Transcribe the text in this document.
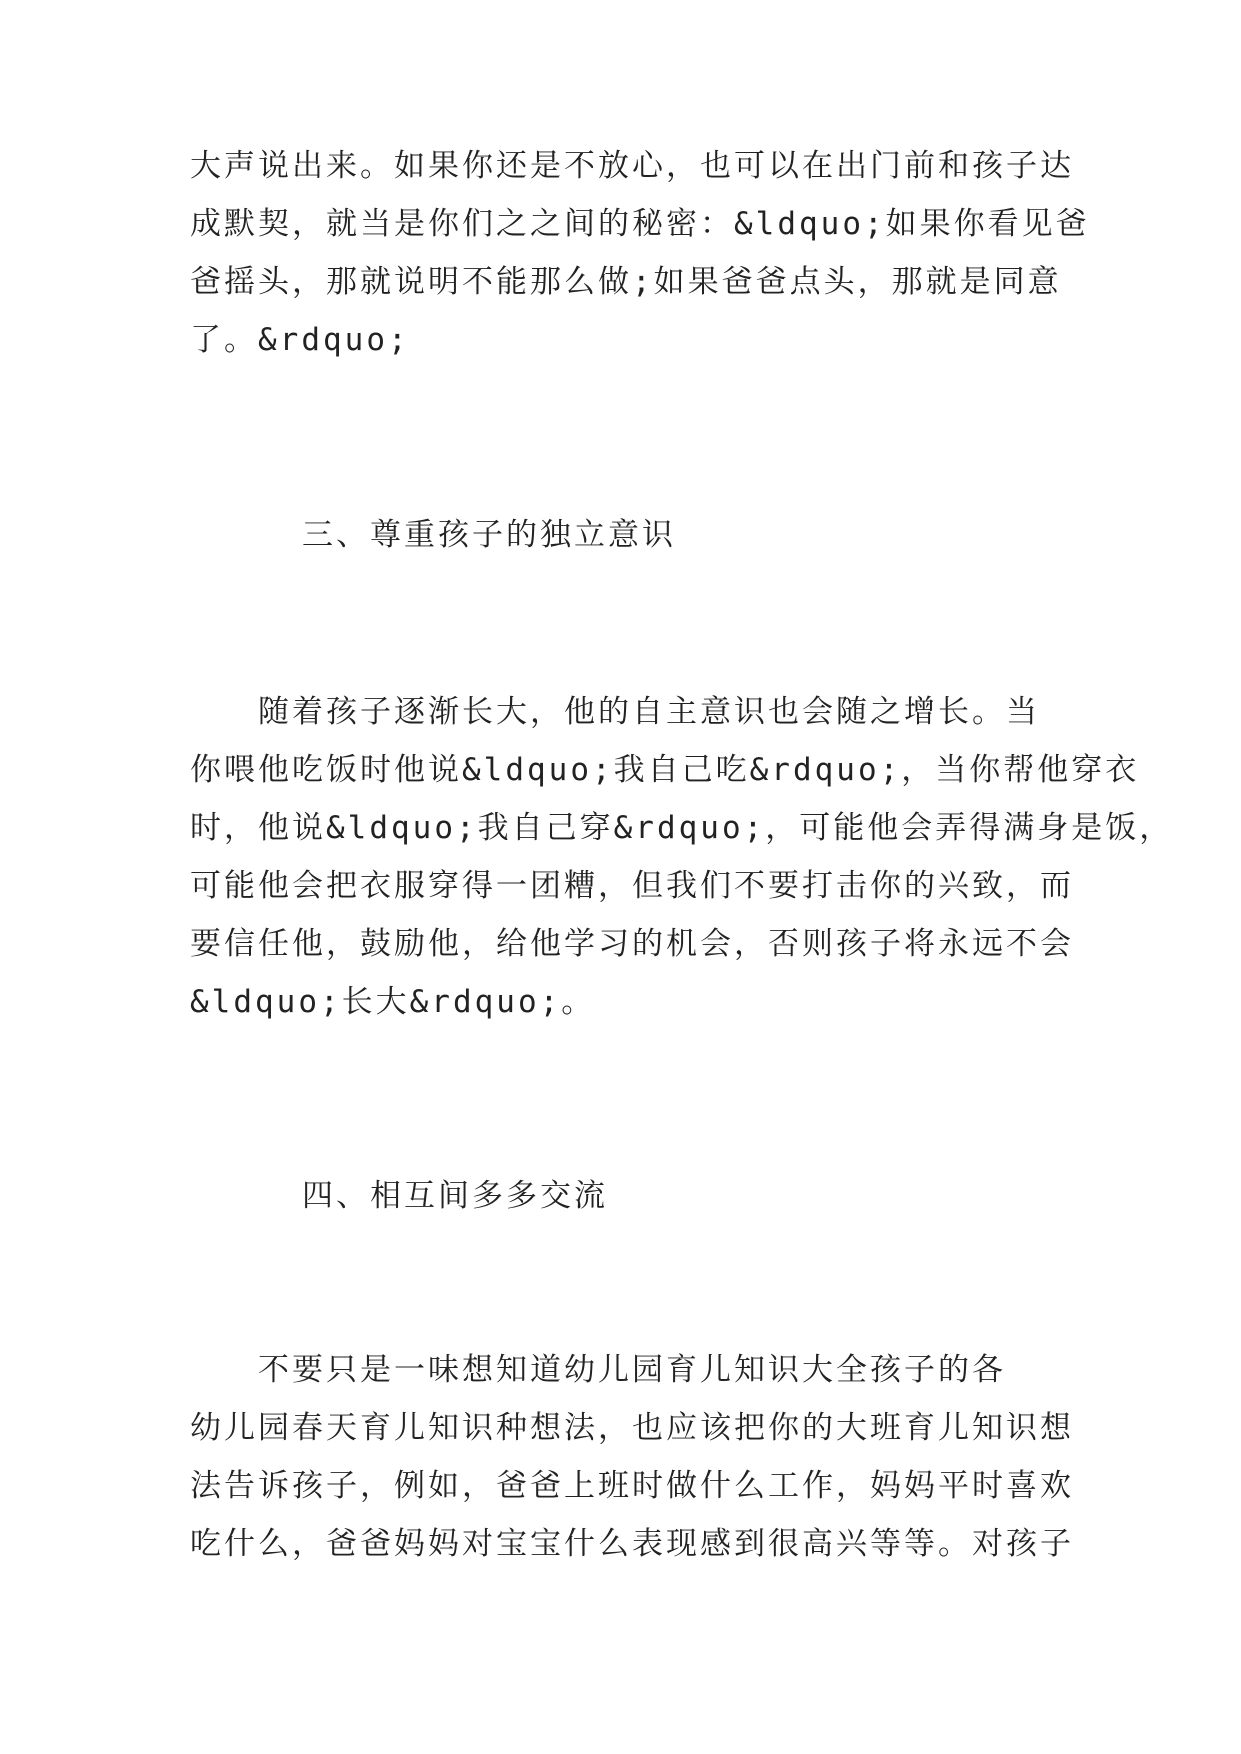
大声说出来。如果你还是不放心，也可以在出门前和孩子达
成默契，就当是你们之之间的秘密：&ldquo;如果你看见爸
爸摇头，那就说明不能那么做;如果爸爸点头，那就是同意
了。&rdquo;
三、尊重孩子的独立意识
　　随着孩子逐渐长大，他的自主意识也会随之增长。当
你喂他吃饭时他说&ldquo;我自己吃&rdquo;，当你帮他穿衣
时，他说&ldquo;我自己穿&rdquo;，可能他会弄得满身是饭，
可能他会把衣服穿得一团糟，但我们不要打击你的兴致，而
要信任他，鼓励他，给他学习的机会，否则孩子将永远不会
&ldquo;长大&rdquo;。
四、相互间多多交流
　　不要只是一味想知道幼儿园育儿知识大全孩子的各
幼儿园春天育儿知识种想法，也应该把你的大班育儿知识想
法告诉孩子，例如，爸爸上班时做什么工作，妈妈平时喜欢
吃什么，爸爸妈妈对宝宝什么表现感到很高兴等等。对孩子
